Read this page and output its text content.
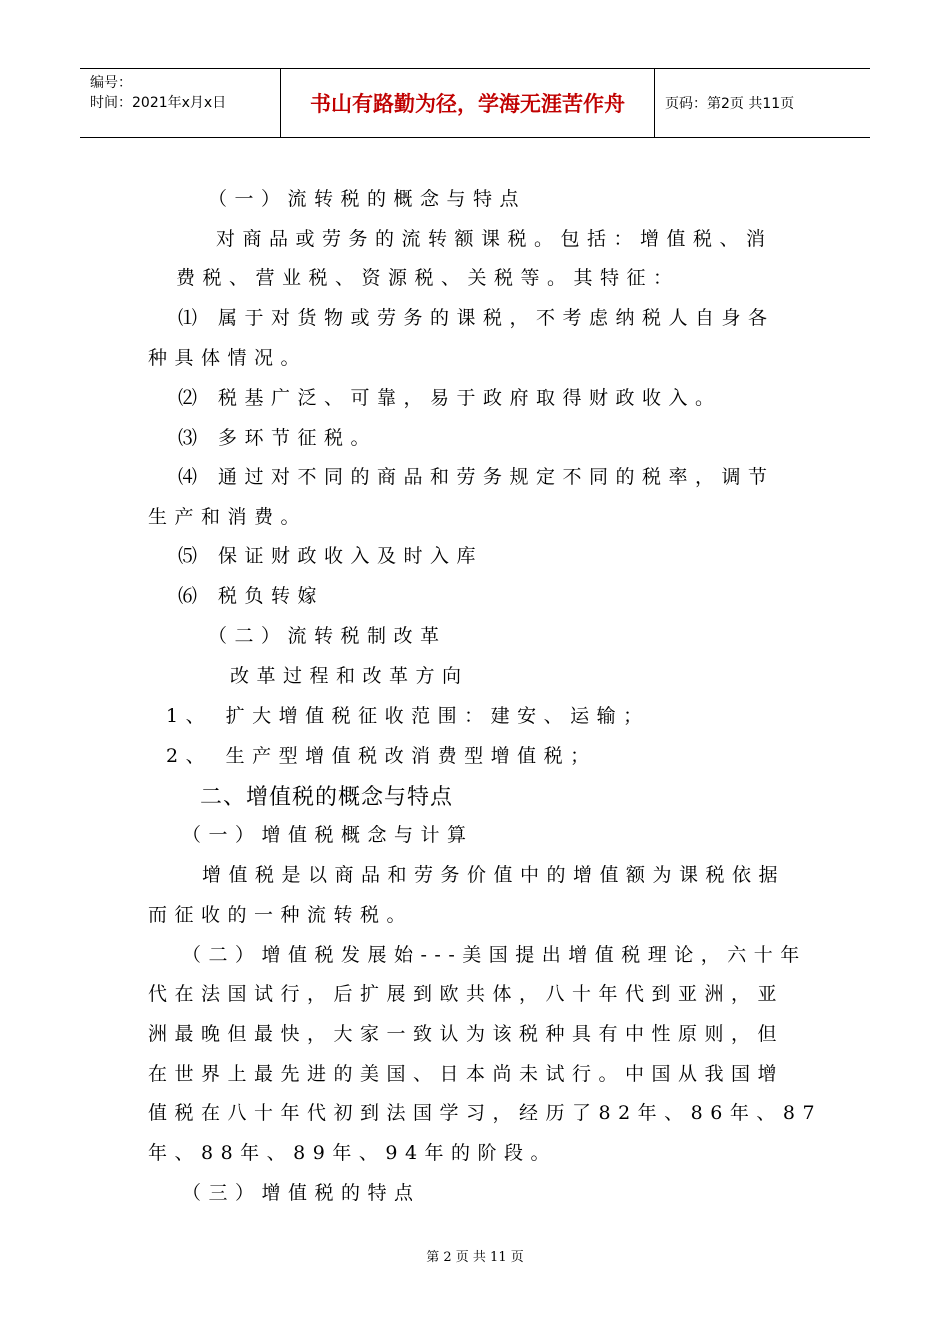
编号：
时间：2021年x月x日	书山有路勤为径，学海无涯苦作舟	页码：第2页 共11页
（一）流转税的概念与特点
对商品或劳务的流转额课税。包括：增值税、消
费税、营业税、资源税、关税等。其特征：
⑴ 属于对货物或劳务的课税，不考虑纳税人自身各
种具体情况。
⑵ 税基广泛、可靠，易于政府取得财政收入。
⑶ 多环节征税。
⑷ 通过对不同的商品和劳务规定不同的税率，调节
生产和消费。
⑸ 保证财政收入及时入库
⑹ 税负转嫁
（二）流转税制改革
改革过程和改革方向
1、 扩大增值税征收范围：建安、运输；
2、 生产型增值税改消费型增值税；
二、增值税的概念与特点
（一）增值税概念与计算
增值税是以商品和劳务价值中的增值额为课税依据
而征收的一种流转税。
（二）增值税发展始---美国提出增值税理论，六十年
代在法国试行，后扩展到欧共体，八十年代到亚洲，亚
洲最晚但最快，大家一致认为该税种具有中性原则，但
在世界上最先进的美国、日本尚未试行。中国从我国增
值税在八十年代初到法国学习，经历了82年、86年、87
年、88年、89年、94年的阶段。
（三）增值税的特点
第 2 页 共 11 页
